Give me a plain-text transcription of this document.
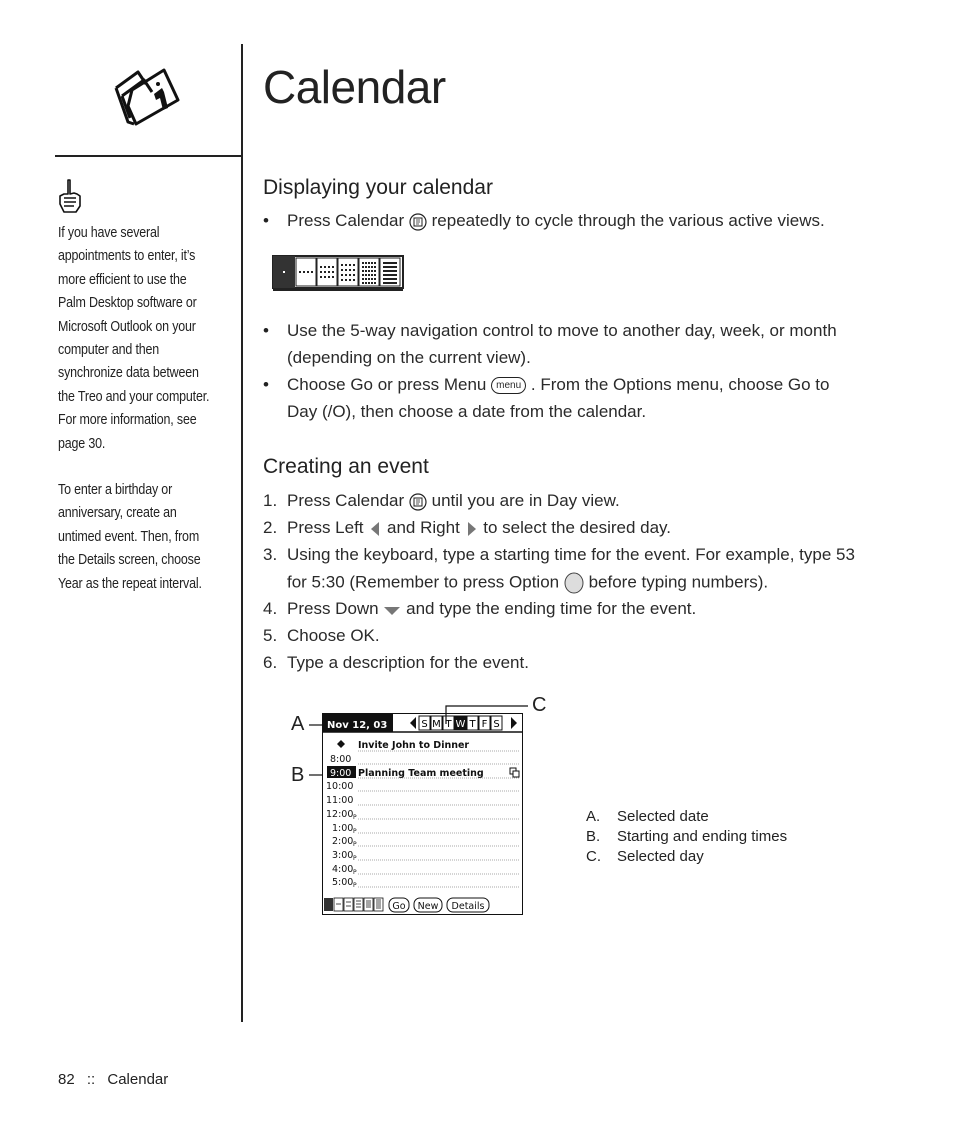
If you have several
appointments to enter, it’s
more efficient to use the
Palm Desktop software or
Microsoft Outlook on your
computer and then
synchronize data between
the Treo and your computer.
For more information, see
page 30.
To enter a birthday or
anniversary, create an
untimed event. Then, from
the Details screen, choose
Year as the repeat interval.
Calendar
Displaying your calendar
• Press Calendar repeatedly to cycle through the various active views.
• Use the 5-way navigation control to move to another day, week, or month
(depending on the current view).
• Choose Go or press Menu menu . From the Options menu, choose Go to
Day (/O), then choose a date from the calendar.
Creating an event
1. Press Calendar until you are in Day view.
2. Press Left and Right to select the desired day.
3. Using the keyboard, type a starting time for the event. For example, type 53
for 5:30 (Remember to press Option before typing numbers).
4. Press Down and type the ending time for the event.
5. Choose OK.
6. Type a description for the event.
Nov 12, 03	S M T W T F S
Invite John to Dinner
8:00
9:00 Planning Team meeting
10:00
11:00
12:00 P
1:00 P
2:00 P
3:00 P
4:00 P
5:00 P
Go New Details
A
B
C
A. Selected date
B. Starting and ending times
C. Selected day
82 :: Calendar
